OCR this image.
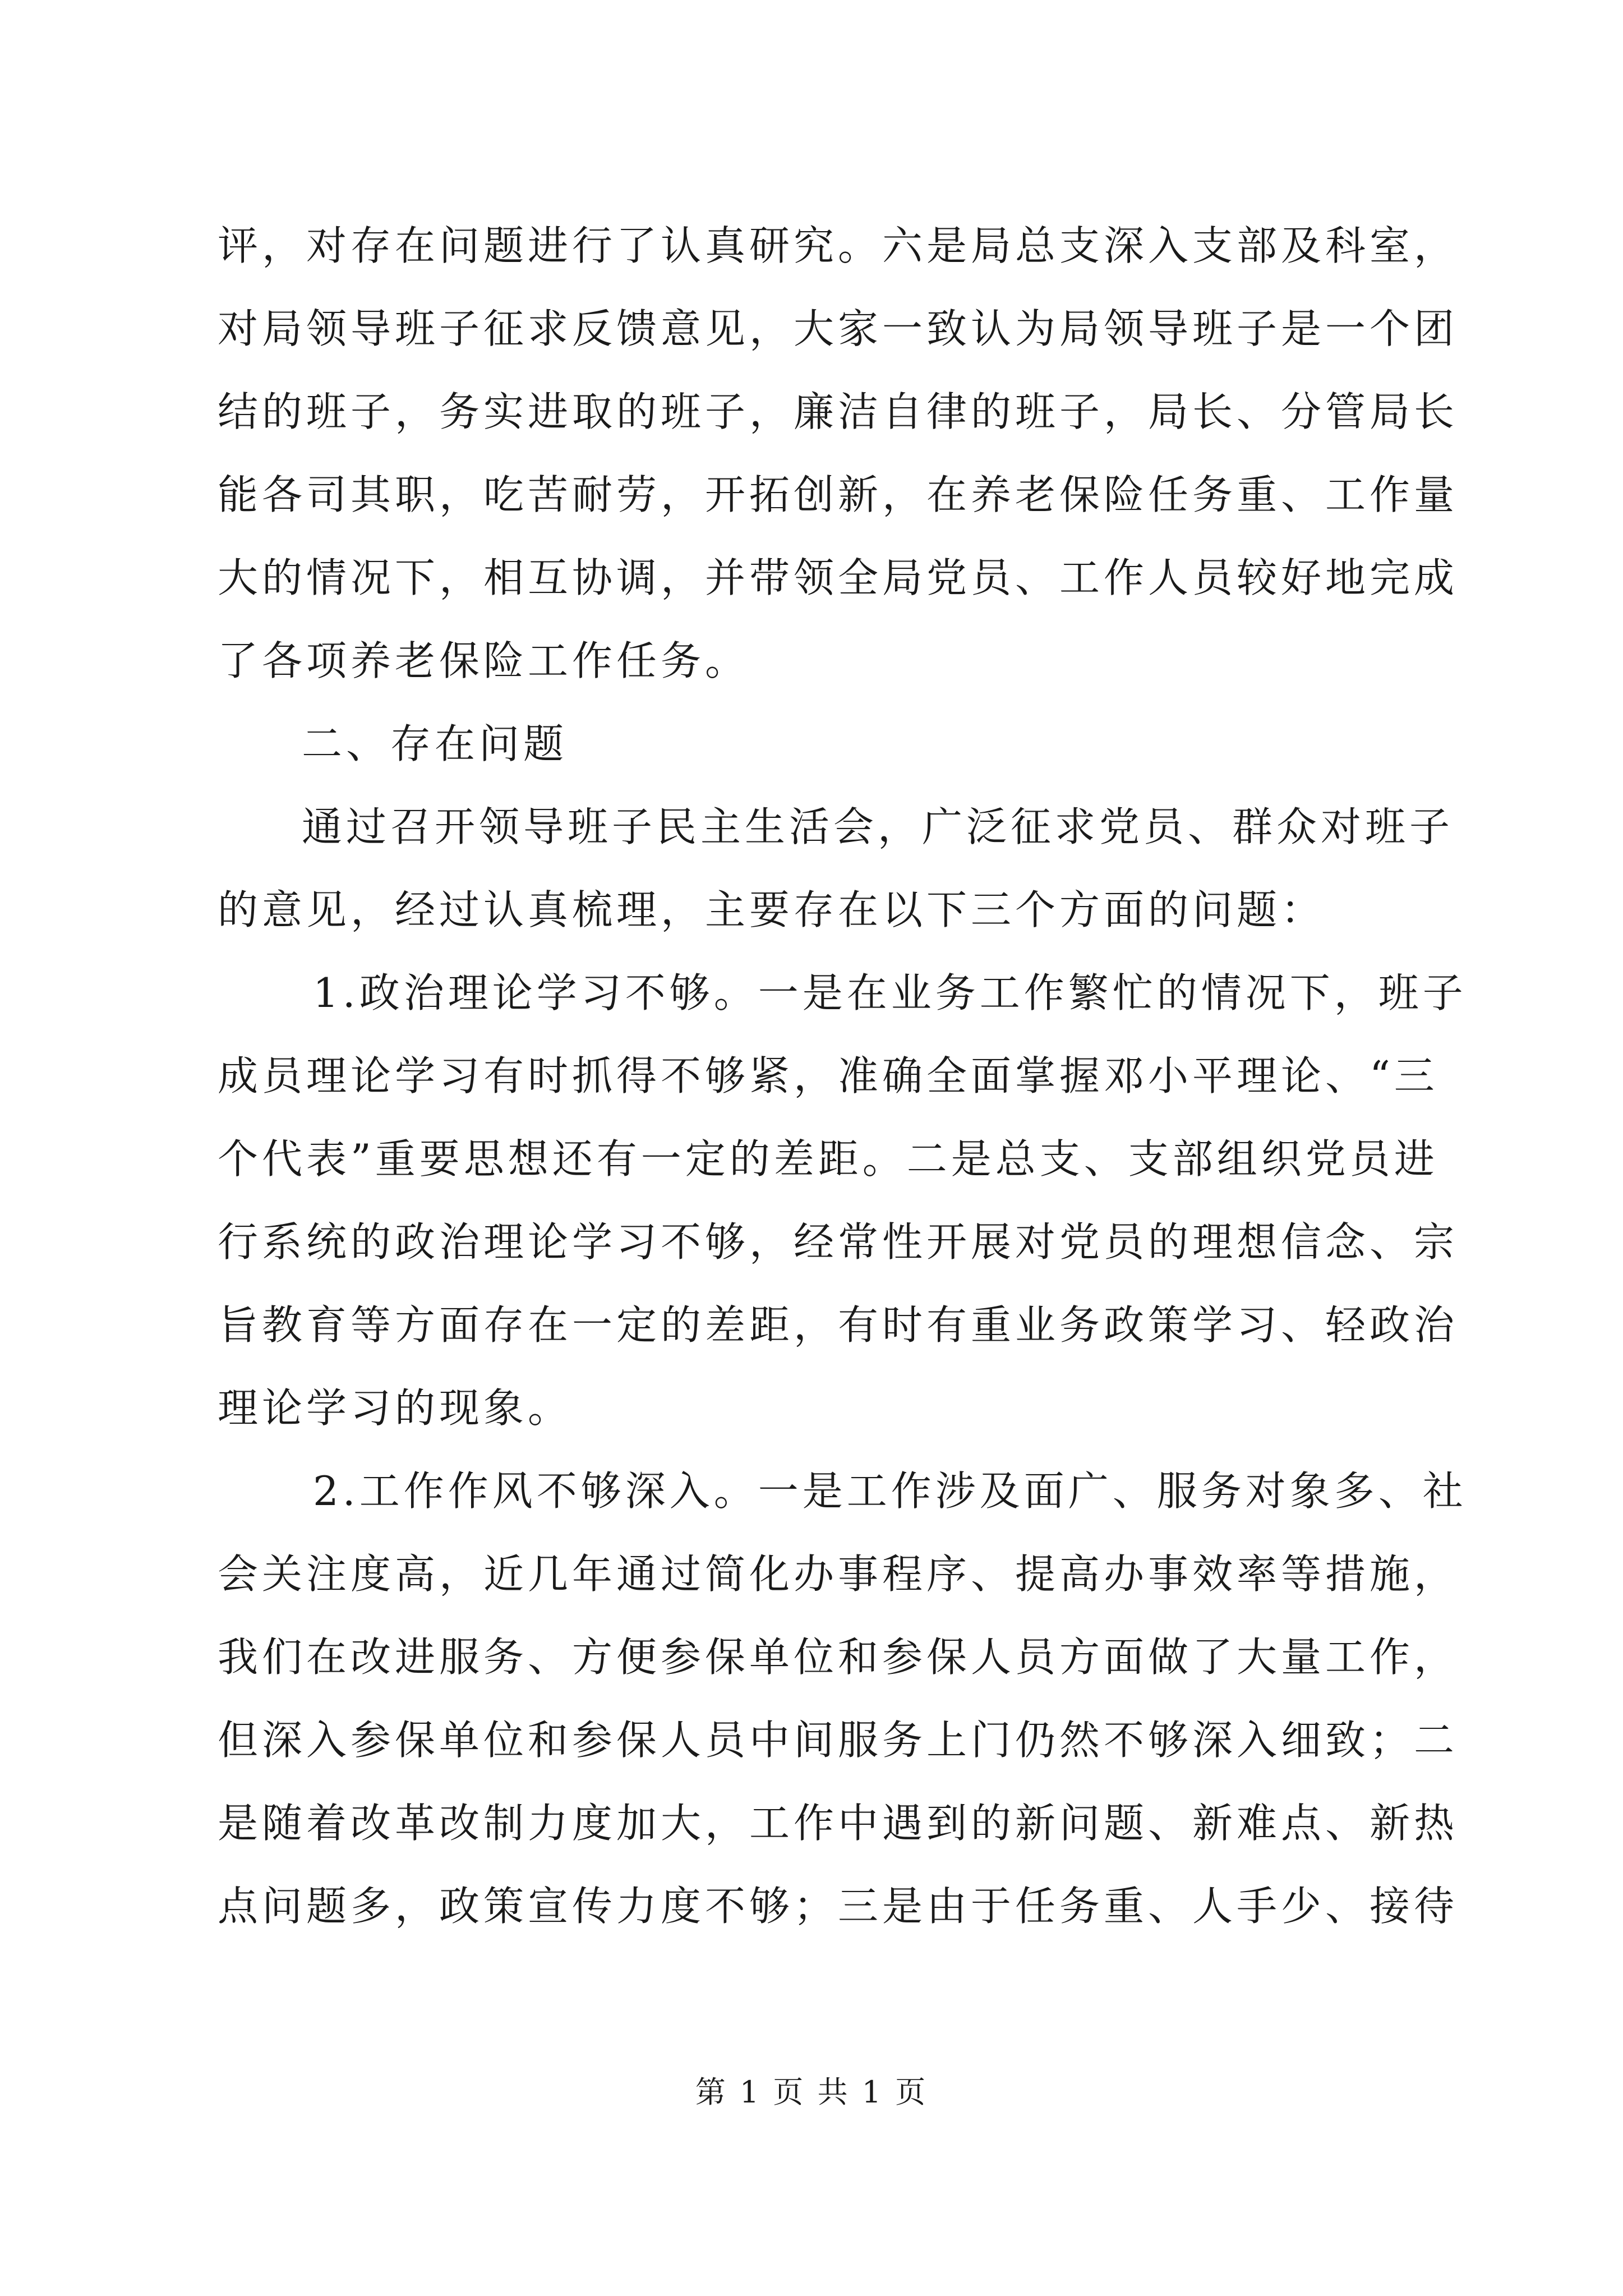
评，对存在问题进行了认真研究。六是局总支深入支部及科室，
对局领导班子征求反馈意见，大家一致认为局领导班子是一个团
结的班子，务实进取的班子，廉洁自律的班子，局长、分管局长
能各司其职，吃苦耐劳，开拓创新，在养老保险任务重、工作量
大的情况下，相互协调，并带领全局党员、工作人员较好地完成
了各项养老保险工作任务。
二、存在问题
通过召开领导班子民主生活会，广泛征求党员、群众对班子
的意见，经过认真梳理，主要存在以下三个方面的问题：
1.政治理论学习不够。一是在业务工作繁忙的情况下，班子
成员理论学习有时抓得不够紧，准确全面掌握邓小平理论、“三
个代表”重要思想还有一定的差距。二是总支、支部组织党员进
行系统的政治理论学习不够，经常性开展对党员的理想信念、宗
旨教育等方面存在一定的差距，有时有重业务政策学习、轻政治
理论学习的现象。
2.工作作风不够深入。一是工作涉及面广、服务对象多、社
会关注度高，近几年通过简化办事程序、提高办事效率等措施，
我们在改进服务、方便参保单位和参保人员方面做了大量工作，
但深入参保单位和参保人员中间服务上门仍然不够深入细致；二
是随着改革改制力度加大，工作中遇到的新问题、新难点、新热
点问题多，政策宣传力度不够；三是由于任务重、人手少、接待
第 1 页 共 1 页
